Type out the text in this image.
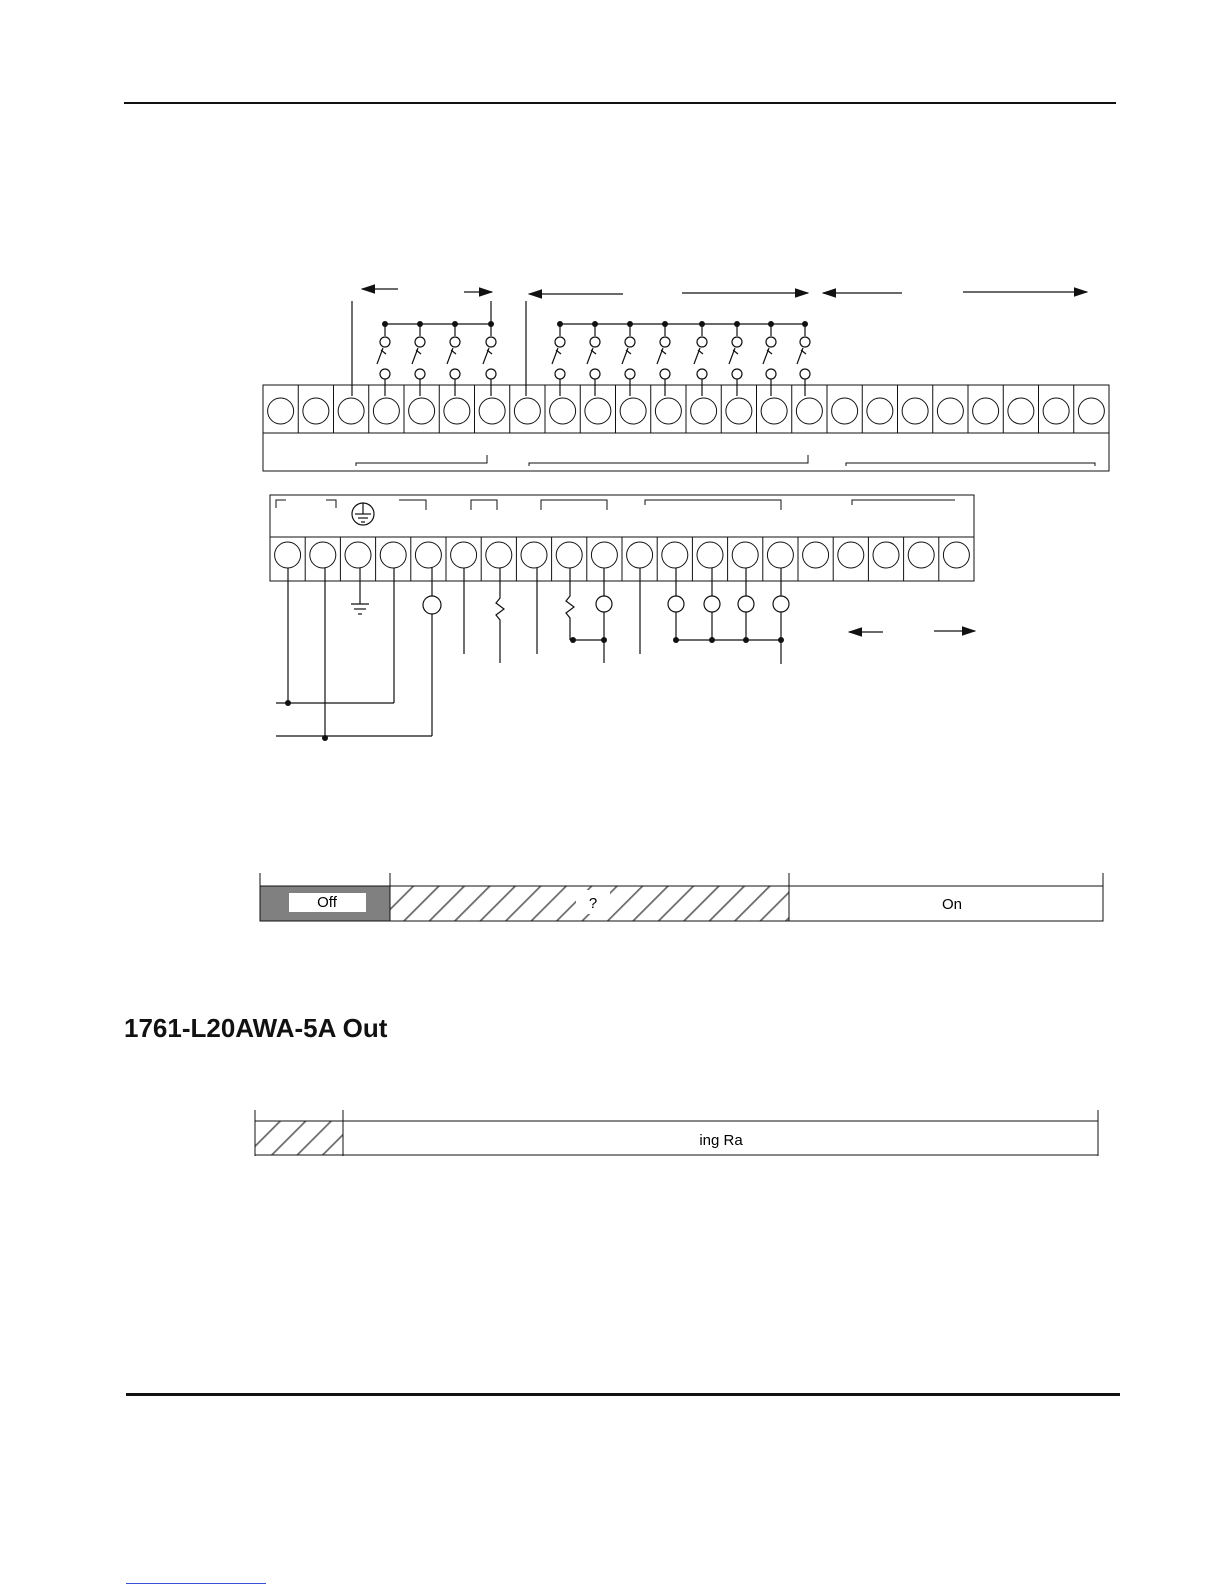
Off	?	On
ing Ra
1761-L20AWA-5A Out
